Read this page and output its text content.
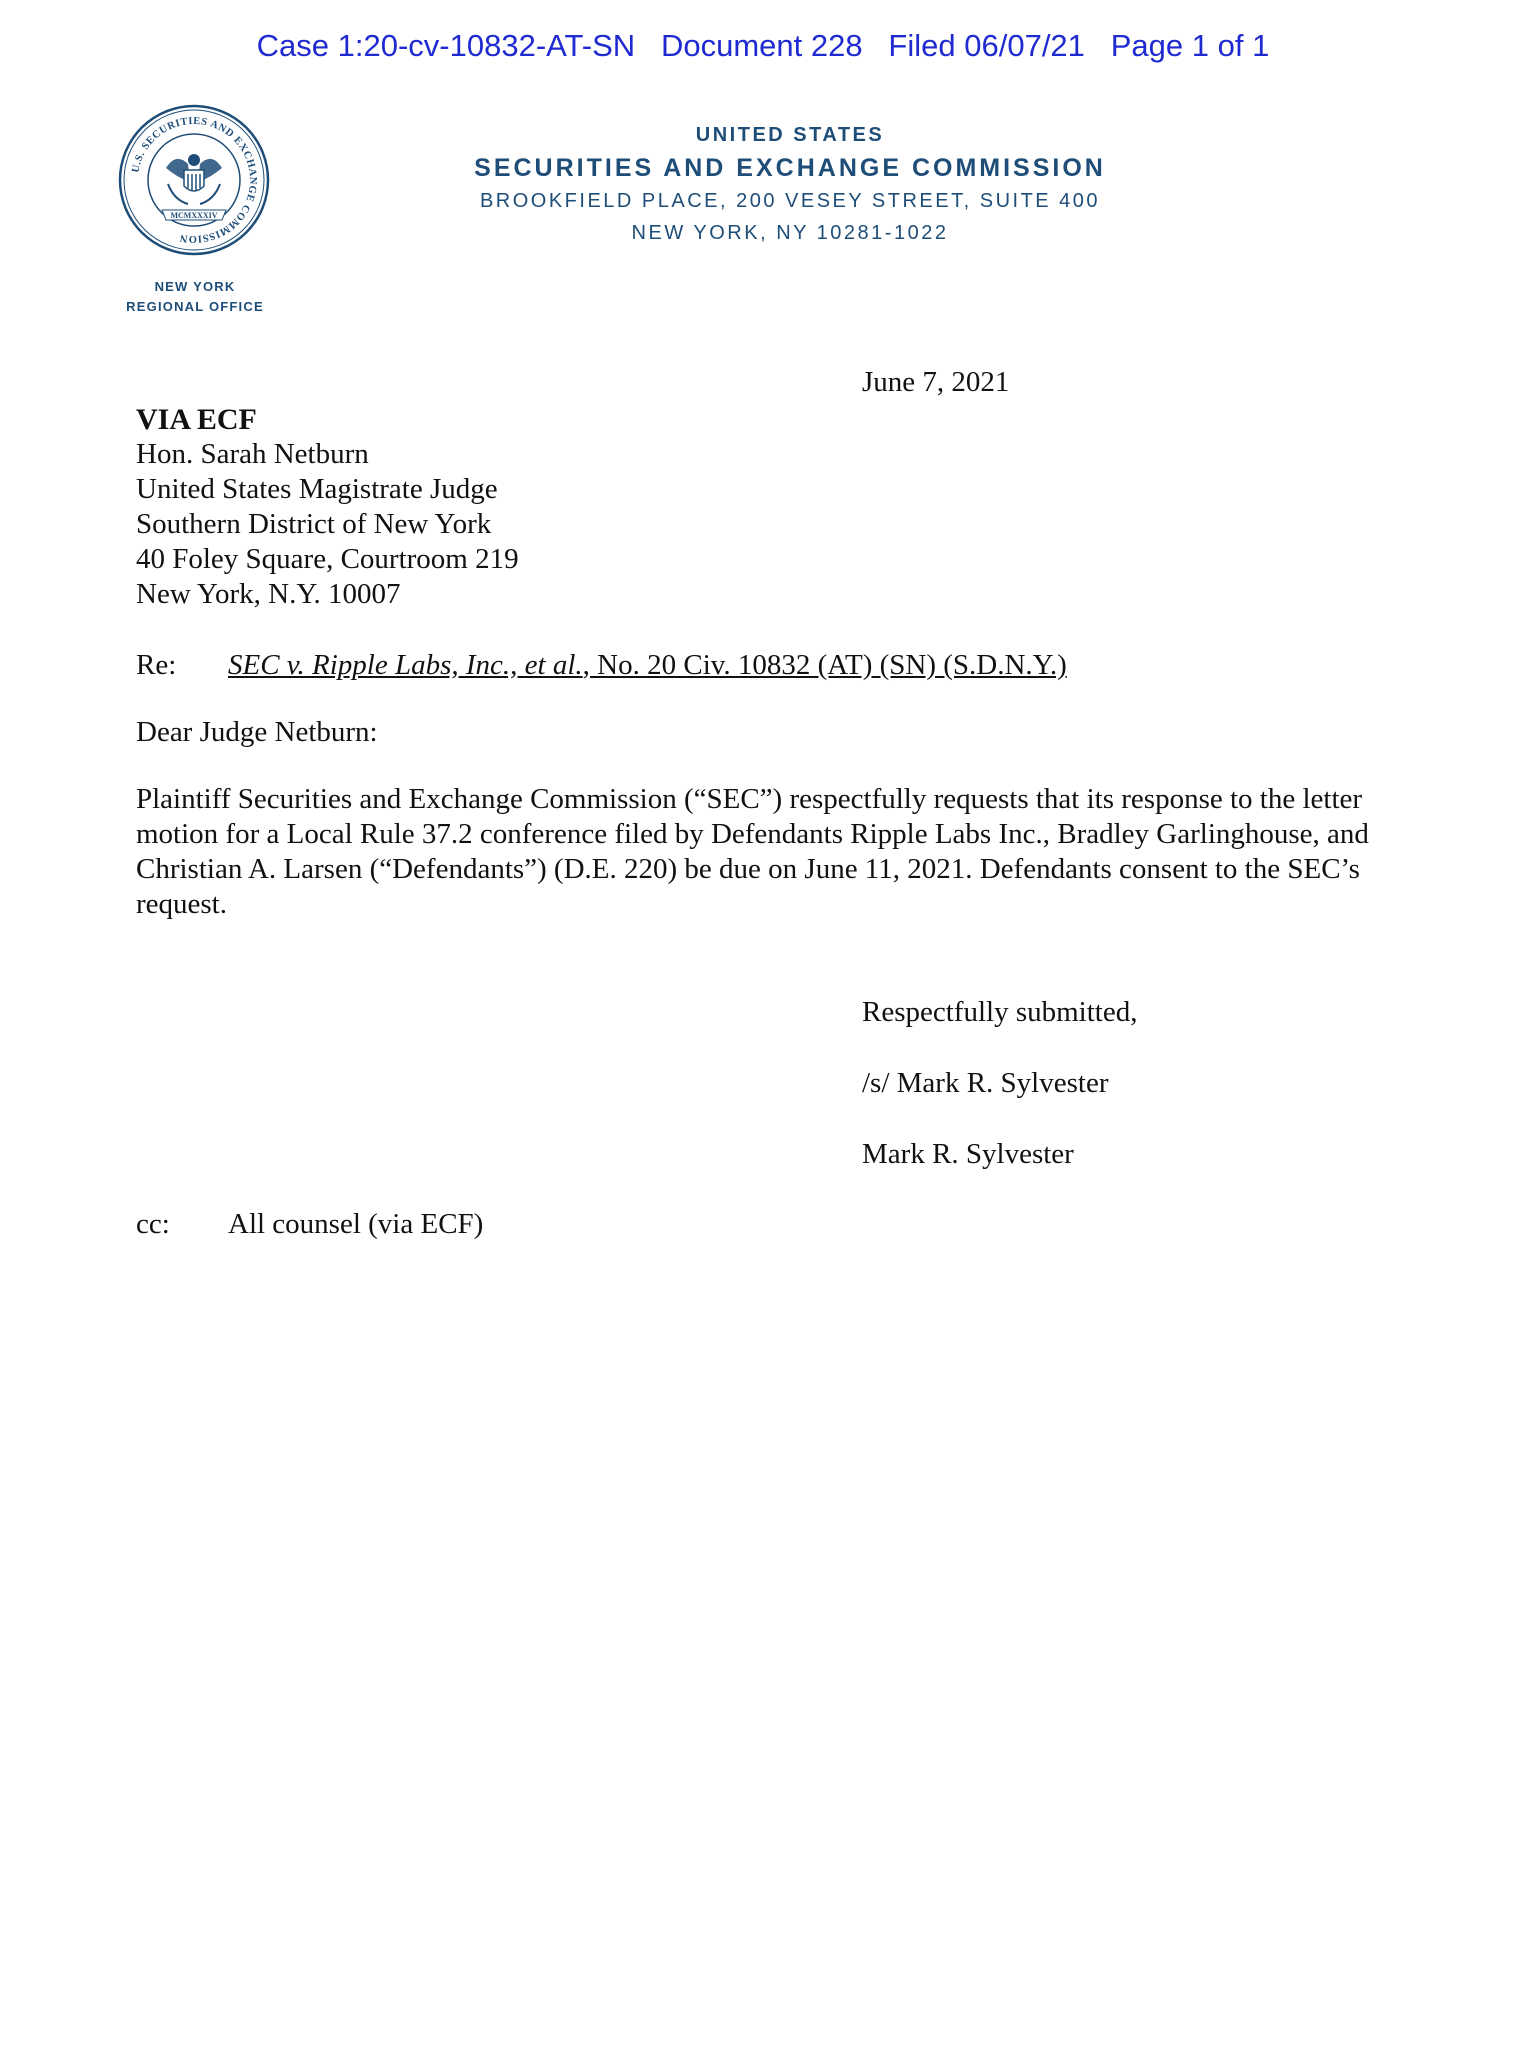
Case 1:20-cv-10832-AT-SN   Document 228   Filed 06/07/21   Page 1 of 1
U.S. SECURITIES AND EXCHANGE COMMISSION
MCMXXXIV
NEW YORK
REGIONAL OFFICE
UNITED STATES
SECURITIES AND EXCHANGE COMMISSION
BROOKFIELD PLACE, 200 VESEY STREET, SUITE 400
NEW YORK, NY 10281-1022
June 7, 2021
VIA ECF
Hon. Sarah Netburn
United States Magistrate Judge
Southern District of New York
40 Foley Square, Courtroom 219
New York, N.Y. 10007
Re: SEC v. Ripple Labs, Inc., et al., No. 20 Civ. 10832 (AT) (SN) (S.D.N.Y.)
Dear Judge Netburn:
Plaintiff Securities and Exchange Commission (“SEC”) respectfully requests that its response to the letter
motion for a Local Rule 37.2 conference filed by Defendants Ripple Labs Inc., Bradley Garlinghouse, and
Christian A. Larsen (“Defendants”) (D.E. 220) be due on June 11, 2021. Defendants consent to the SEC’s
request.
Respectfully submitted,
/s/ Mark R. Sylvester
Mark R. Sylvester
cc: All counsel (via ECF)
